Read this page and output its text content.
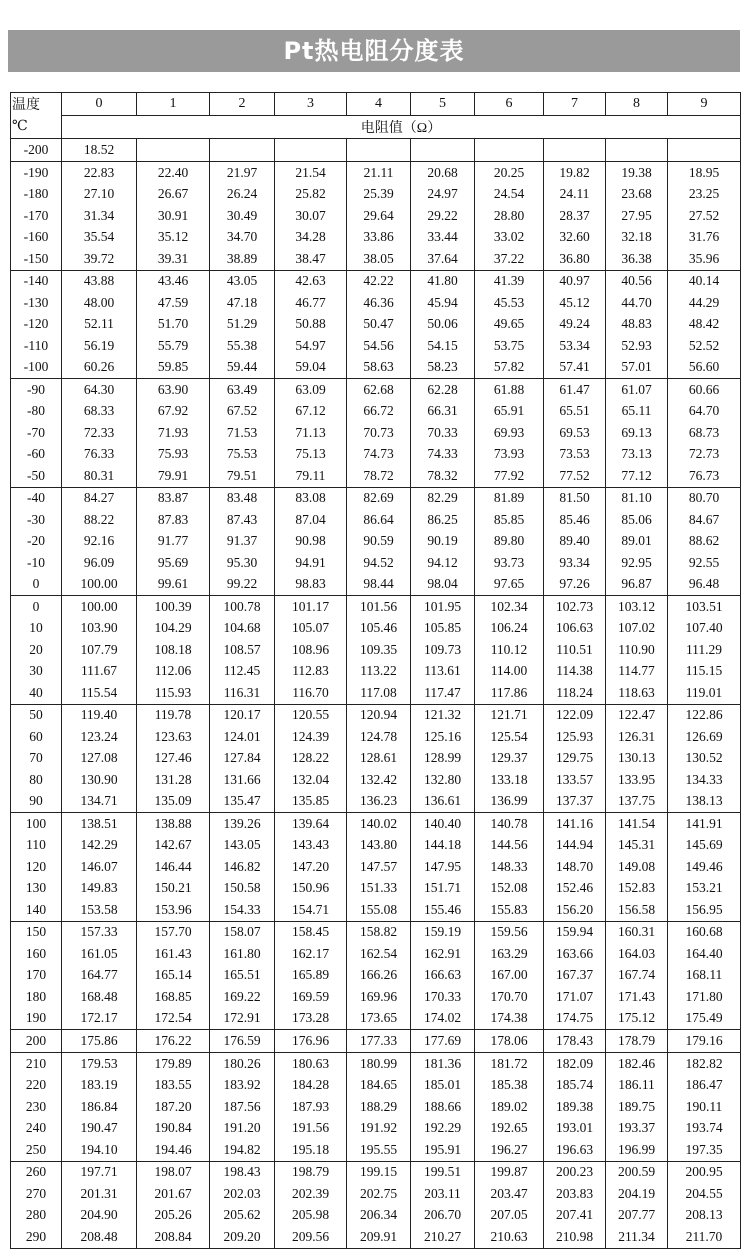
Pt热电阻分度表
温度	0	1	2	3	4	5	6	7	8	9
℃	电阻值（Ω）									
-200	18.52									
-190	22.83	22.40	21.97	21.54	21.11	20.68	20.25	19.82	19.38	18.95
-180	27.10	26.67	26.24	25.82	25.39	24.97	24.54	24.11	23.68	23.25
-170	31.34	30.91	30.49	30.07	29.64	29.22	28.80	28.37	27.95	27.52
-160	35.54	35.12	34.70	34.28	33.86	33.44	33.02	32.60	32.18	31.76
-150	39.72	39.31	38.89	38.47	38.05	37.64	37.22	36.80	36.38	35.96
-140	43.88	43.46	43.05	42.63	42.22	41.80	41.39	40.97	40.56	40.14
-130	48.00	47.59	47.18	46.77	46.36	45.94	45.53	45.12	44.70	44.29
-120	52.11	51.70	51.29	50.88	50.47	50.06	49.65	49.24	48.83	48.42
-110	56.19	55.79	55.38	54.97	54.56	54.15	53.75	53.34	52.93	52.52
-100	60.26	59.85	59.44	59.04	58.63	58.23	57.82	57.41	57.01	56.60
-90	64.30	63.90	63.49	63.09	62.68	62.28	61.88	61.47	61.07	60.66
-80	68.33	67.92	67.52	67.12	66.72	66.31	65.91	65.51	65.11	64.70
-70	72.33	71.93	71.53	71.13	70.73	70.33	69.93	69.53	69.13	68.73
-60	76.33	75.93	75.53	75.13	74.73	74.33	73.93	73.53	73.13	72.73
-50	80.31	79.91	79.51	79.11	78.72	78.32	77.92	77.52	77.12	76.73
-40	84.27	83.87	83.48	83.08	82.69	82.29	81.89	81.50	81.10	80.70
-30	88.22	87.83	87.43	87.04	86.64	86.25	85.85	85.46	85.06	84.67
-20	92.16	91.77	91.37	90.98	90.59	90.19	89.80	89.40	89.01	88.62
-10	96.09	95.69	95.30	94.91	94.52	94.12	93.73	93.34	92.95	92.55
0	100.00	99.61	99.22	98.83	98.44	98.04	97.65	97.26	96.87	96.48
0	100.00	100.39	100.78	101.17	101.56	101.95	102.34	102.73	103.12	103.51
10	103.90	104.29	104.68	105.07	105.46	105.85	106.24	106.63	107.02	107.40
20	107.79	108.18	108.57	108.96	109.35	109.73	110.12	110.51	110.90	111.29
30	111.67	112.06	112.45	112.83	113.22	113.61	114.00	114.38	114.77	115.15
40	115.54	115.93	116.31	116.70	117.08	117.47	117.86	118.24	118.63	119.01
50	119.40	119.78	120.17	120.55	120.94	121.32	121.71	122.09	122.47	122.86
60	123.24	123.63	124.01	124.39	124.78	125.16	125.54	125.93	126.31	126.69
70	127.08	127.46	127.84	128.22	128.61	128.99	129.37	129.75	130.13	130.52
80	130.90	131.28	131.66	132.04	132.42	132.80	133.18	133.57	133.95	134.33
90	134.71	135.09	135.47	135.85	136.23	136.61	136.99	137.37	137.75	138.13
100	138.51	138.88	139.26	139.64	140.02	140.40	140.78	141.16	141.54	141.91
110	142.29	142.67	143.05	143.43	143.80	144.18	144.56	144.94	145.31	145.69
120	146.07	146.44	146.82	147.20	147.57	147.95	148.33	148.70	149.08	149.46
130	149.83	150.21	150.58	150.96	151.33	151.71	152.08	152.46	152.83	153.21
140	153.58	153.96	154.33	154.71	155.08	155.46	155.83	156.20	156.58	156.95
150	157.33	157.70	158.07	158.45	158.82	159.19	159.56	159.94	160.31	160.68
160	161.05	161.43	161.80	162.17	162.54	162.91	163.29	163.66	164.03	164.40
170	164.77	165.14	165.51	165.89	166.26	166.63	167.00	167.37	167.74	168.11
180	168.48	168.85	169.22	169.59	169.96	170.33	170.70	171.07	171.43	171.80
190	172.17	172.54	172.91	173.28	173.65	174.02	174.38	174.75	175.12	175.49
200	175.86	176.22	176.59	176.96	177.33	177.69	178.06	178.43	178.79	179.16
210	179.53	179.89	180.26	180.63	180.99	181.36	181.72	182.09	182.46	182.82
220	183.19	183.55	183.92	184.28	184.65	185.01	185.38	185.74	186.11	186.47
230	186.84	187.20	187.56	187.93	188.29	188.66	189.02	189.38	189.75	190.11
240	190.47	190.84	191.20	191.56	191.92	192.29	192.65	193.01	193.37	193.74
250	194.10	194.46	194.82	195.18	195.55	195.91	196.27	196.63	196.99	197.35
260	197.71	198.07	198.43	198.79	199.15	199.51	199.87	200.23	200.59	200.95
270	201.31	201.67	202.03	202.39	202.75	203.11	203.47	203.83	204.19	204.55
280	204.90	205.26	205.62	205.98	206.34	206.70	207.05	207.41	207.77	208.13
290	208.48	208.84	209.20	209.56	209.91	210.27	210.63	210.98	211.34	211.70
